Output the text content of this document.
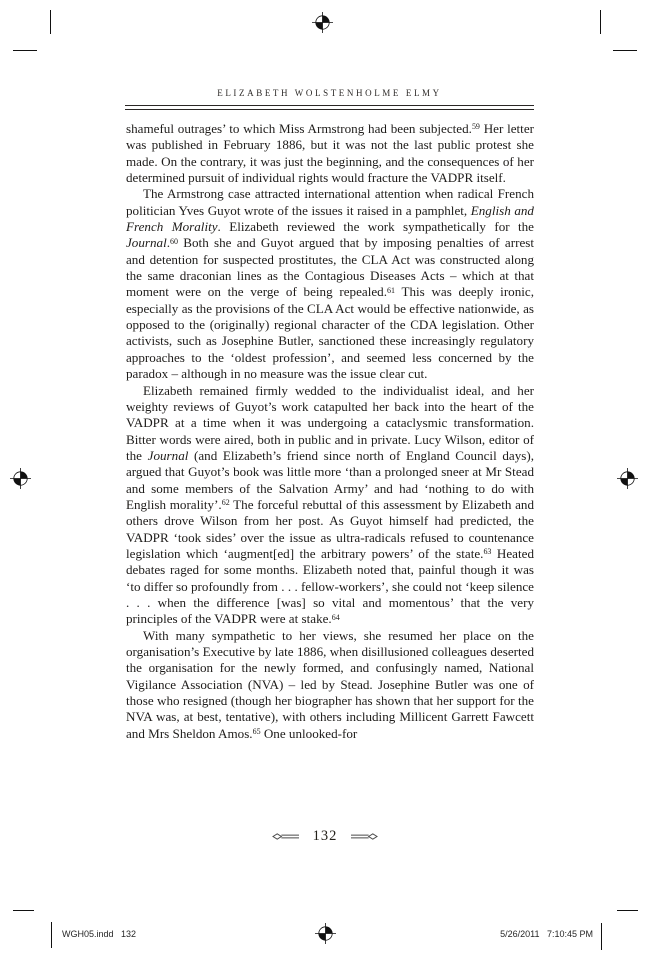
ELIZABETH WOLSTENHOLME ELMY

shameful outrages’ to which Miss Armstrong had been subjected.$^{59}$ Her letter was published in February 1886, but it was not the last public protest she made. On the contrary, it was just the beginning, and the consequences of her determined pursuit of individual rights would fracture the VADPR itself.

The Armstrong case attracted international attention when radical French politician Yves Guyot wrote of the issues it raised in a pamphlet, English and French Morality. Elizabeth reviewed the work sympathetically for the Journal.$^{60}$ Both she and Guyot argued that by imposing penalties of arrest and detention for suspected prostitutes, the CLA Act was constructed along the same draconian lines as the Contagious Diseases Acts – which at that moment were on the verge of being repealed.$^{61}$ This was deeply ironic, especially as the provisions of the CLA Act would be effective nationwide, as opposed to the (originally) regional character of the CDA legislation. Other activists, such as Josephine Butler, sanctioned these increasingly regulatory approaches to the ‘oldest profession’, and seemed less concerned by the paradox – although in no measure was the issue clear cut.

Elizabeth remained firmly wedded to the individualist ideal, and her weighty reviews of Guyot’s work catapulted her back into the heart of the VADPR at a time when it was undergoing a cataclysmic transformation. Bitter words were aired, both in public and in private. Lucy Wilson, editor of the Journal (and Elizabeth’s friend since north of England Council days), argued that Guyot’s book was little more ‘than a prolonged sneer at Mr Stead and some members of the Salvation Army’ and had ‘nothing to do with English morality’.$^{62}$ The forceful rebuttal of this assessment by Elizabeth and others drove Wilson from her post. As Guyot himself had predicted, the VADPR ‘took sides’ over the issue as ultra-radicals refused to countenance legislation which ‘augment[ed] the arbitrary powers’ of the state.$^{63}$ Heated debates raged for some months. Elizabeth noted that, painful though it was ‘to differ so profoundly from . . . fellow-workers’, she could not ‘keep silence . . . when the difference [was] so vital and momentous’ that the very principles of the VADPR were at stake.$^{64}$

With many sympathetic to her views, she resumed her place on the organisation’s Executive by late 1886, when disillusioned colleagues deserted the organisation for the newly formed, and confusingly named, National Vigilance Association (NVA) – led by Stead. Josephine Butler was one of those who resigned (though her biographer has shown that her support for the NVA was, at best, tentative), with others including Millicent Garrett Fawcett and Mrs Sheldon Amos.$^{65}$ One unlooked-for

132
WGH05.indd   132	5/26/2011   7:10:45 PM
